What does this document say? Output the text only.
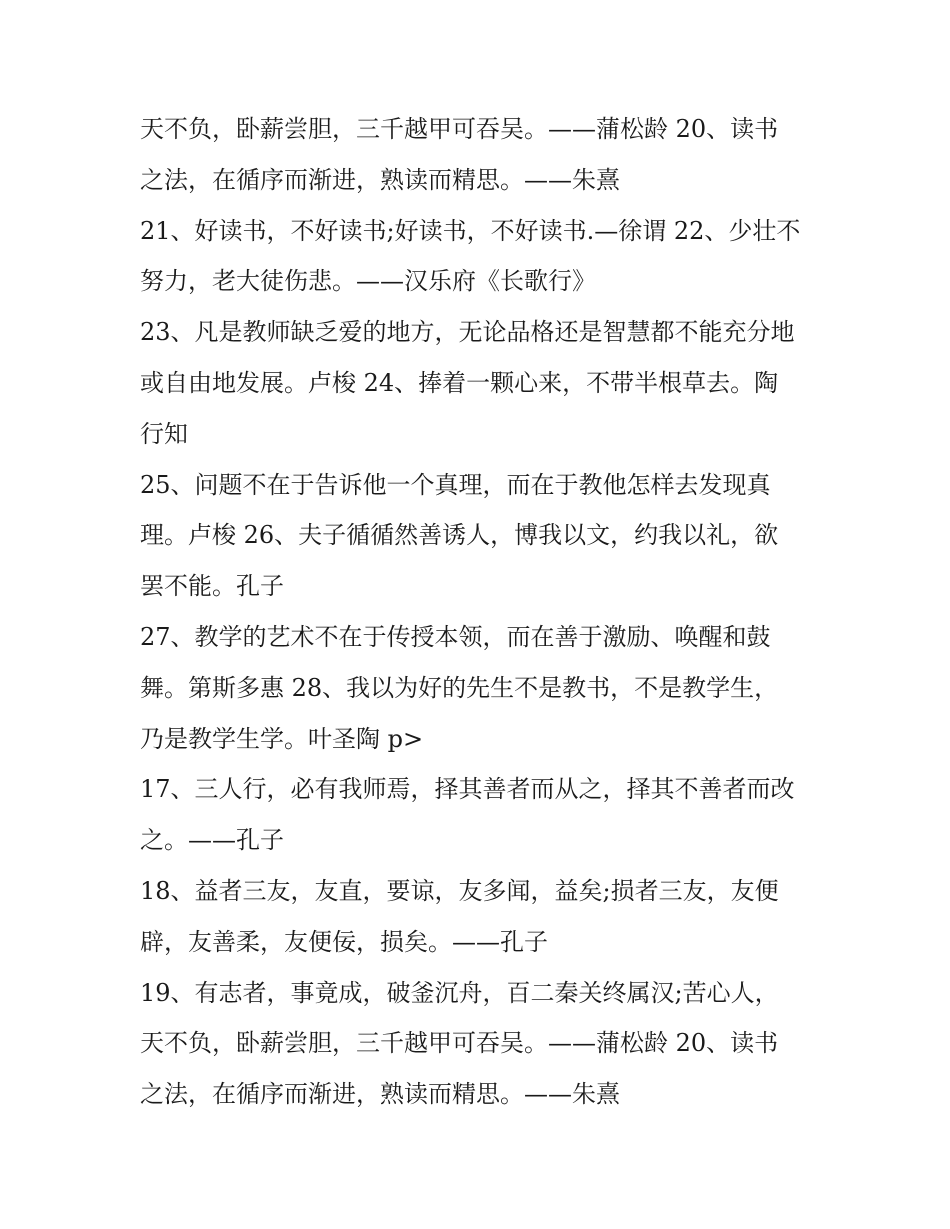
天不负，卧薪尝胆，三千越甲可吞吴。——蒲松龄 20、读书
之法，在循序而渐进，熟读而精思。——朱熹
21、好读书，不好读书;好读书，不好读书.—徐谓 22、少壮不
努力，老大徒伤悲。——汉乐府《长歌行》
23、凡是教师缺乏爱的地方，无论品格还是智慧都不能充分地
或自由地发展。卢梭 24、捧着一颗心来，不带半根草去。陶
行知
25、问题不在于告诉他一个真理，而在于教他怎样去发现真
理。卢梭 26、夫子循循然善诱人，博我以文，约我以礼，欲
罢不能。孔子
27、教学的艺术不在于传授本领，而在善于激励、唤醒和鼓
舞。第斯多惠 28、我以为好的先生不是教书，不是教学生，
乃是教学生学。叶圣陶 p>
17、三人行，必有我师焉，择其善者而从之，择其不善者而改
之。——孔子
18、益者三友，友直，要谅，友多闻，益矣;损者三友，友便
辟，友善柔，友便佞，损矣。——孔子
19、有志者，事竟成，破釜沉舟，百二秦关终属汉;苦心人，
天不负，卧薪尝胆，三千越甲可吞吴。——蒲松龄 20、读书
之法，在循序而渐进，熟读而精思。——朱熹
